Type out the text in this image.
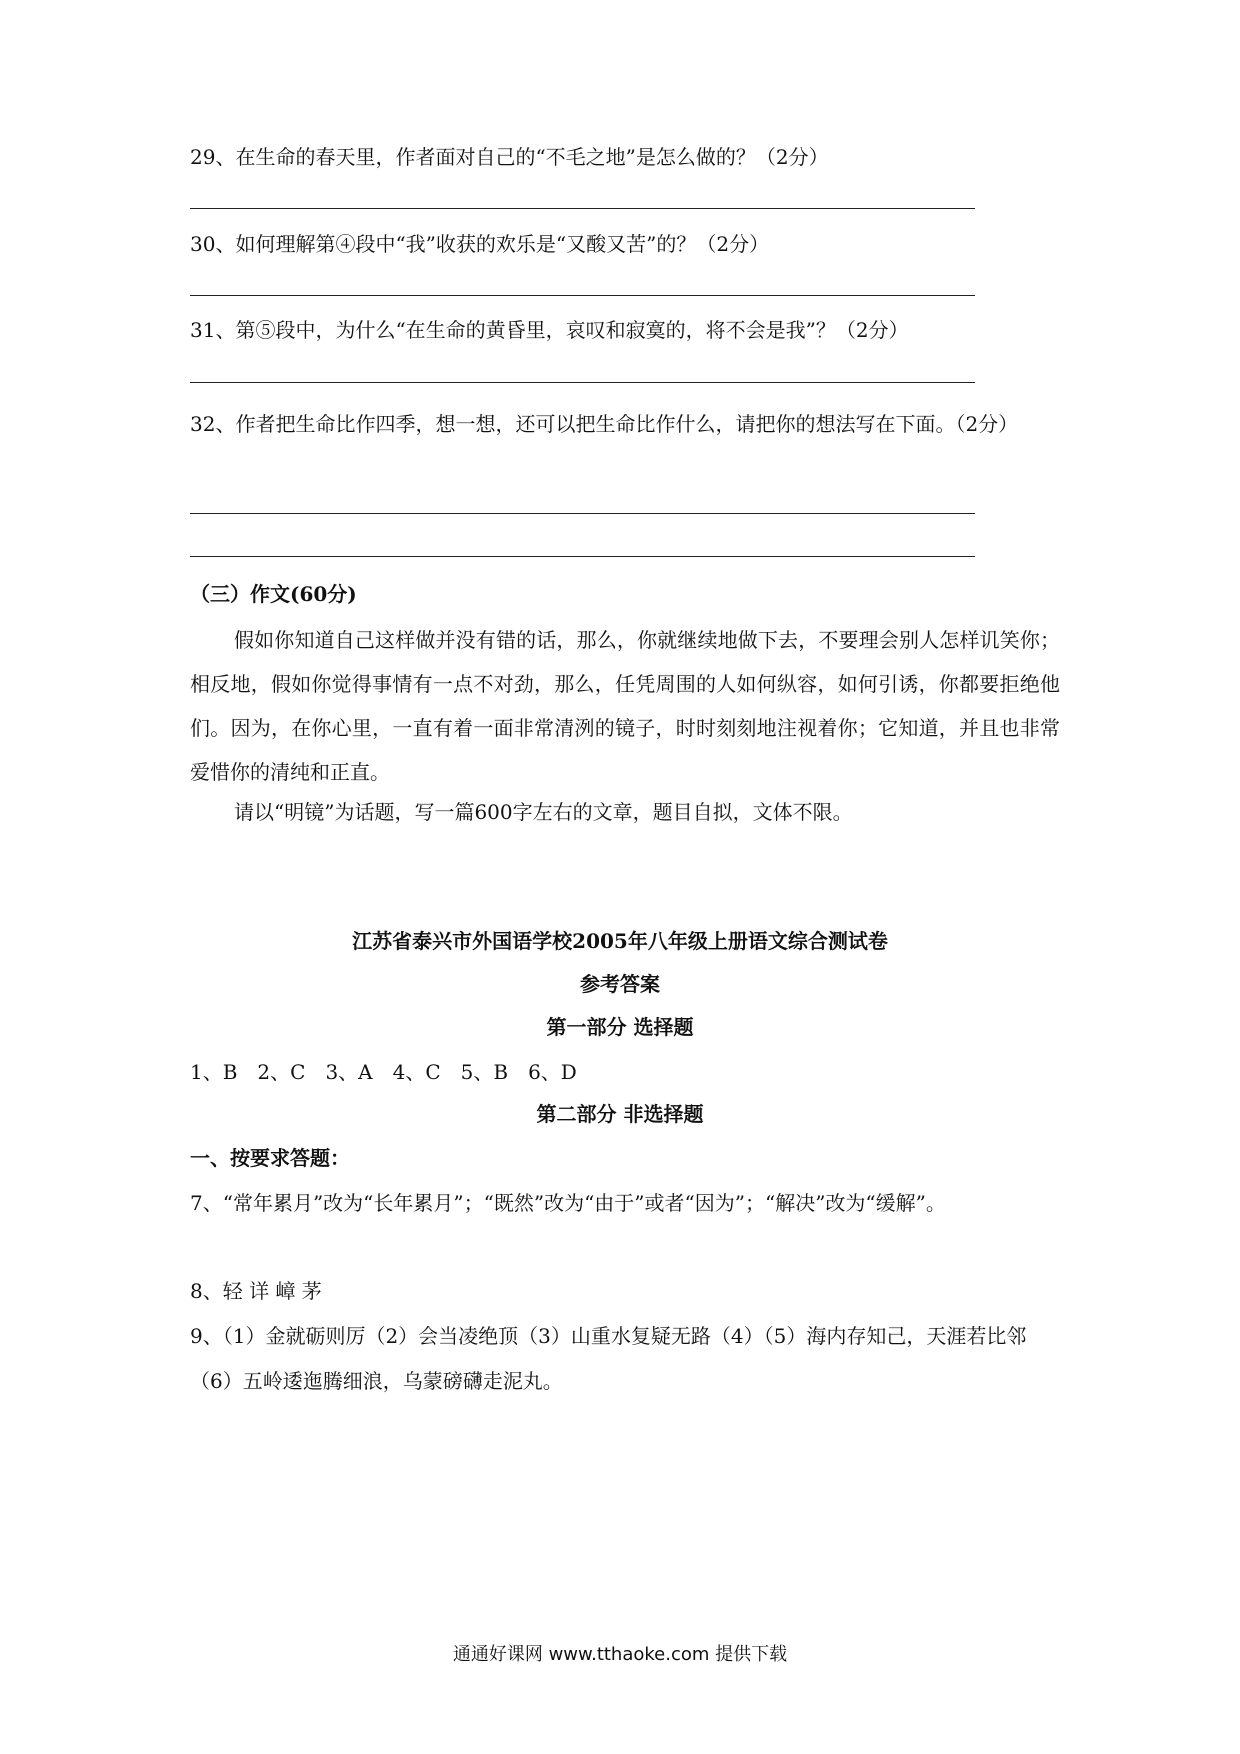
29、在生命的春天里，作者面对自己的“不毛之地”是怎么做的？（2分）

30、如何理解第④段中“我”收获的欢乐是“又酸又苦”的？（2分）

31、第⑤段中，为什么“在生命的黄昏里，哀叹和寂寞的，将不会是我”？（2分）

32、作者把生命比作四季，想一想，还可以把生命比作什么，请把你的想法写在下面。（2分）

（三）作文(60分)

假如你知道自己这样做并没有错的话，那么，你就继续地做下去，不要理会别人怎样讥笑你；相反地，假如你觉得事情有一点不对劲，那么，任凭周围的人如何纵容，如何引诱，你都要拒绝他们。因为，在你心里，一直有着一面非常清洌的镜子，时时刻刻地注视着你；它知道，并且也非常爱惜你的清纯和正直。

请以“明镜”为话题，写一篇600字左右的文章，题目自拟，文体不限。

江苏省泰兴市外国语学校2005年八年级上册语文综合测试卷

参考答案

第一部分 选择题

1、B　2、C　3、A　4、C　5、B　6、D

第二部分 非选择题

一、按要求答题：

7、“常年累月”改为“长年累月”；“既然”改为“由于”或者“因为”；“解决”改为“缓解”。

8、轻 详 嶂 茅

9、（1）金就砺则厉（2）会当凌绝顶（3）山重水复疑无路（4）（5）海内存知己，天涯若比邻（6）五岭逶迤腾细浪，乌蒙磅礴走泥丸。

通通好课网 www.tthaoke.com 提供下载
